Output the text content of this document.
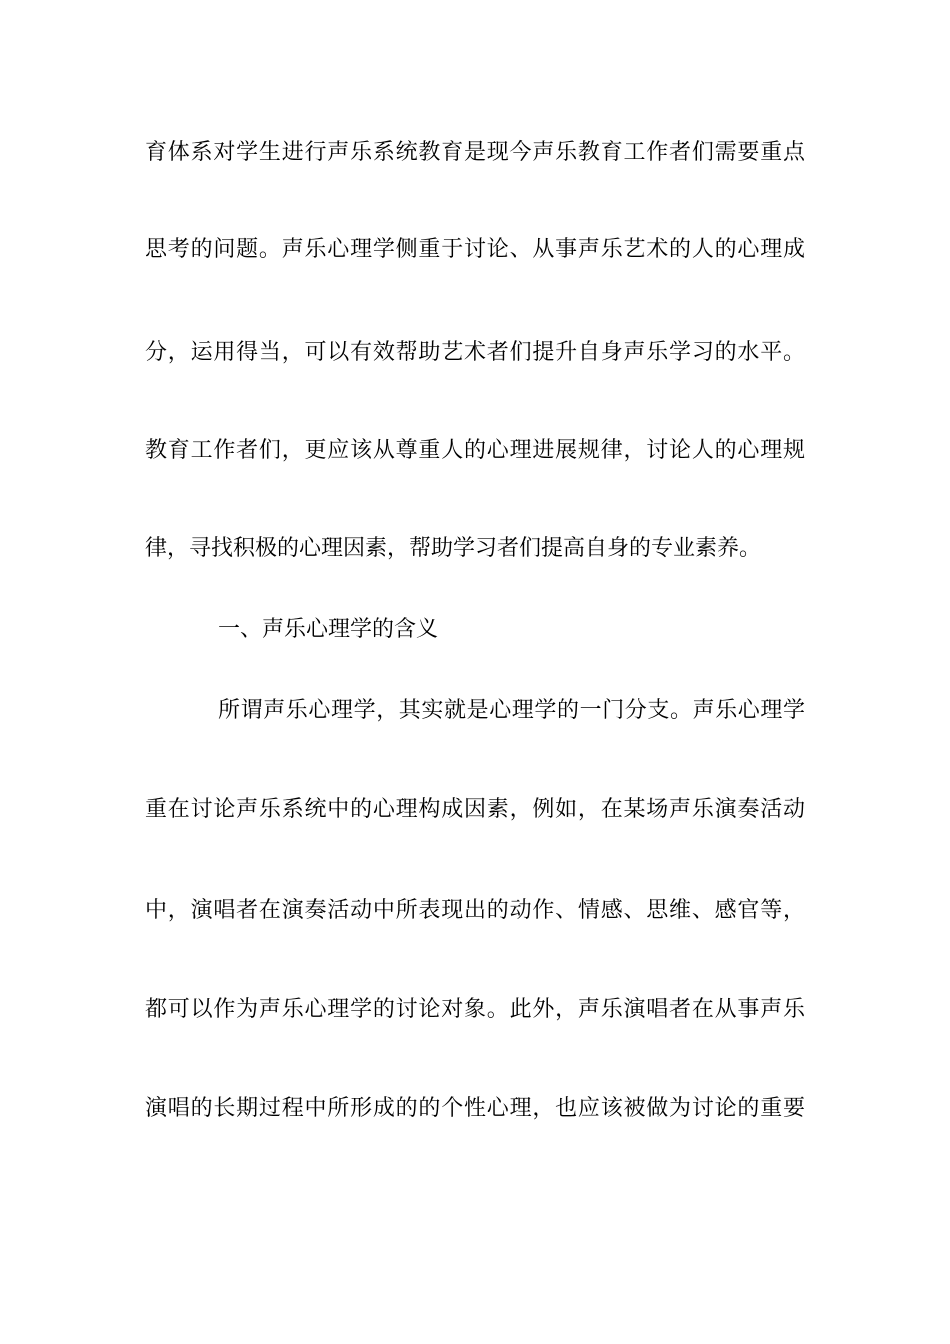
育体系对学生进行声乐系统教育是现今声乐教育工作者们需要重点
思考的问题。声乐心理学侧重于讨论、从事声乐艺术的人的心理成
分，运用得当，可以有效帮助艺术者们提升自身声乐学习的水平。
教育工作者们，更应该从尊重人的心理进展规律，讨论人的心理规
律，寻找积极的心理因素，帮助学习者们提高自身的专业素养。
一、声乐心理学的含义
所谓声乐心理学，其实就是心理学的一门分支。声乐心理学
重在讨论声乐系统中的心理构成因素，例如，在某场声乐演奏活动
中，演唱者在演奏活动中所表现出的动作、情感、思维、感官等，
都可以作为声乐心理学的讨论对象。此外，声乐演唱者在从事声乐
演唱的长期过程中所形成的的个性心理，也应该被做为讨论的重要
